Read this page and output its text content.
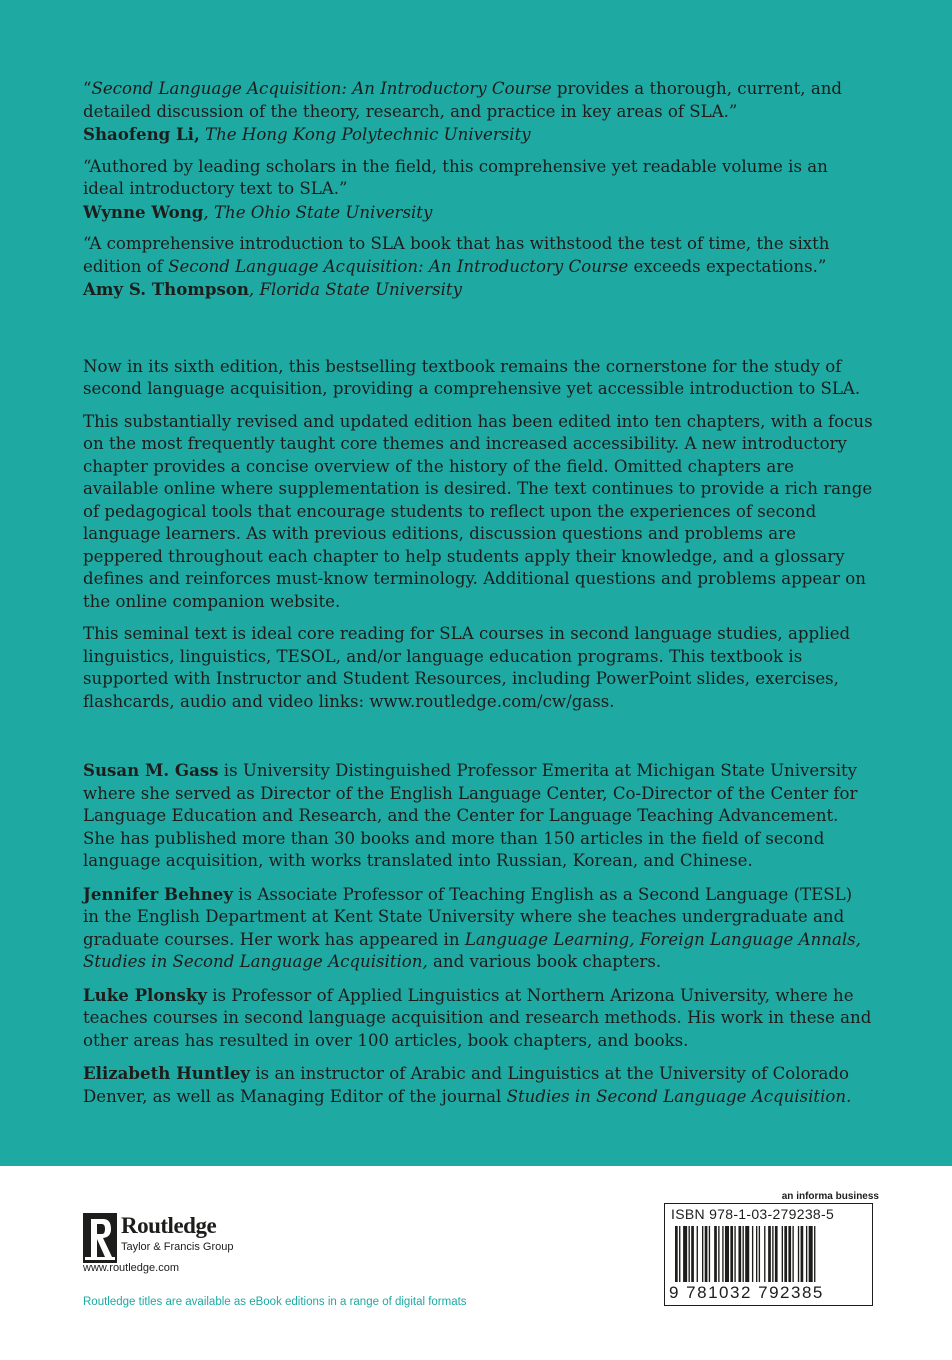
“Second Language Acquisition: An Introductory Course provides a thorough, current, and detailed discussion of the theory, research, and practice in key areas of SLA.”
Shaofeng Li, The Hong Kong Polytechnic University

“Authored by leading scholars in the field, this comprehensive yet readable volume is an ideal introductory text to SLA.”
Wynne Wong, The Ohio State University

“A comprehensive introduction to SLA book that has withstood the test of time, the sixth edition of Second Language Acquisition: An Introductory Course exceeds expectations.”
Amy S. Thompson, Florida State University

Now in its sixth edition, this bestselling textbook remains the cornerstone for the study of second language acquisition, providing a comprehensive yet accessible introduction to SLA.

This substantially revised and updated edition has been edited into ten chapters, with a focus on the most frequently taught core themes and increased accessibility. A new introductory chapter provides a concise overview of the history of the field. Omitted chapters are available online where supplementation is desired. The text continues to provide a rich range of pedagogical tools that encourage students to reflect upon the experiences of second language learners. As with previous editions, discussion questions and problems are peppered throughout each chapter to help students apply their knowledge, and a glossary defines and reinforces must-know terminology. Additional questions and problems appear on the online companion website.

This seminal text is ideal core reading for SLA courses in second language studies, applied linguistics, linguistics, TESOL, and/or language education programs. This textbook is supported with Instructor and Student Resources, including PowerPoint slides, exercises, flashcards, audio and video links: www.routledge.com/cw/gass.

Susan M. Gass is University Distinguished Professor Emerita at Michigan State University where she served as Director of the English Language Center, Co-Director of the Center for Language Education and Research, and the Center for Language Teaching Advancement. She has published more than 30 books and more than 150 articles in the field of second language acquisition, with works translated into Russian, Korean, and Chinese.

Jennifer Behney is Associate Professor of Teaching English as a Second Language (TESL) in the English Department at Kent State University where she teaches undergraduate and graduate courses. Her work has appeared in Language Learning, Foreign Language Annals, Studies in Second Language Acquisition, and various book chapters.

Luke Plonsky is Professor of Applied Linguistics at Northern Arizona University, where he teaches courses in second language acquisition and research methods. His work in these and other areas has resulted in over 100 articles, book chapters, and books.

Elizabeth Huntley is an instructor of Arabic and Linguistics at the University of Colorado Denver, as well as Managing Editor of the journal Studies in Second Language Acquisition.

Routledge
Taylor & Francis Group
www.routledge.com
Routledge titles are available as eBook editions in a range of digital formats
an informa business
ISBN 978-1-03-279238-5
9 781032 792385
